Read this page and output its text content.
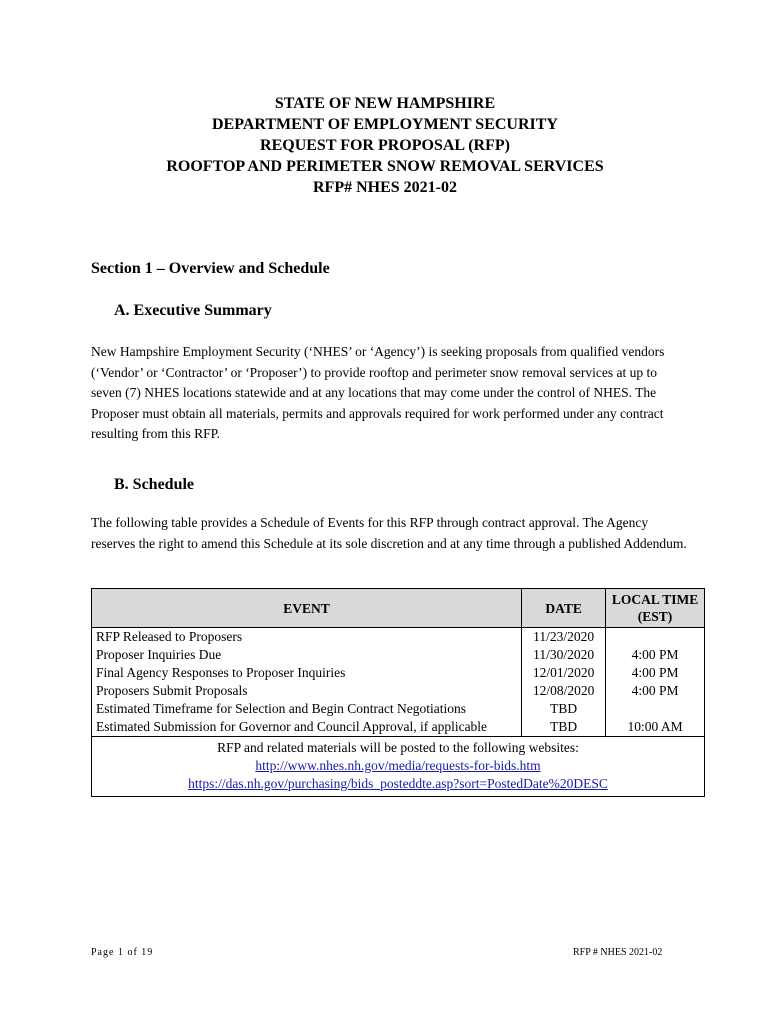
STATE OF NEW HAMPSHIRE
DEPARTMENT OF EMPLOYMENT SECURITY
REQUEST FOR PROPOSAL (RFP)
ROOFTOP AND PERIMETER SNOW REMOVAL SERVICES
RFP# NHES 2021-02
Section 1 – Overview and Schedule
A. Executive Summary
New Hampshire Employment Security (‘NHES’ or ‘Agency’) is seeking proposals from qualified vendors (‘Vendor’ or ‘Contractor’ or ‘Proposer’) to provide rooftop and perimeter snow removal services at up to seven (7) NHES locations statewide and at any locations that may come under the control of NHES. The Proposer must obtain all materials, permits and approvals required for work performed under any contract resulting from this RFP.
B. Schedule
The following table provides a Schedule of Events for this RFP through contract approval. The Agency reserves the right to amend this Schedule at its sole discretion and at any time through a published Addendum.
EVENT	DATE	LOCAL TIME (EST)
RFP Released to Proposers	11/23/2020	
Proposer Inquiries Due	11/30/2020	4:00 PM
Final Agency Responses to Proposer Inquiries	12/01/2020	4:00 PM
Proposers Submit Proposals	12/08/2020	4:00 PM
Estimated Timeframe for Selection and Begin Contract Negotiations	TBD	
Estimated Submission for Governor and Council Approval, if applicable	TBD	10:00 AM

RFP and related materials will be posted to the following websites:
http://www.nhes.nh.gov/media/requests-for-bids.htm
https://das.nh.gov/purchasing/bids_posteddte.asp?sort=PostedDate%20DESC		
Page 1 of 19	RFP # NHES 2021-02
